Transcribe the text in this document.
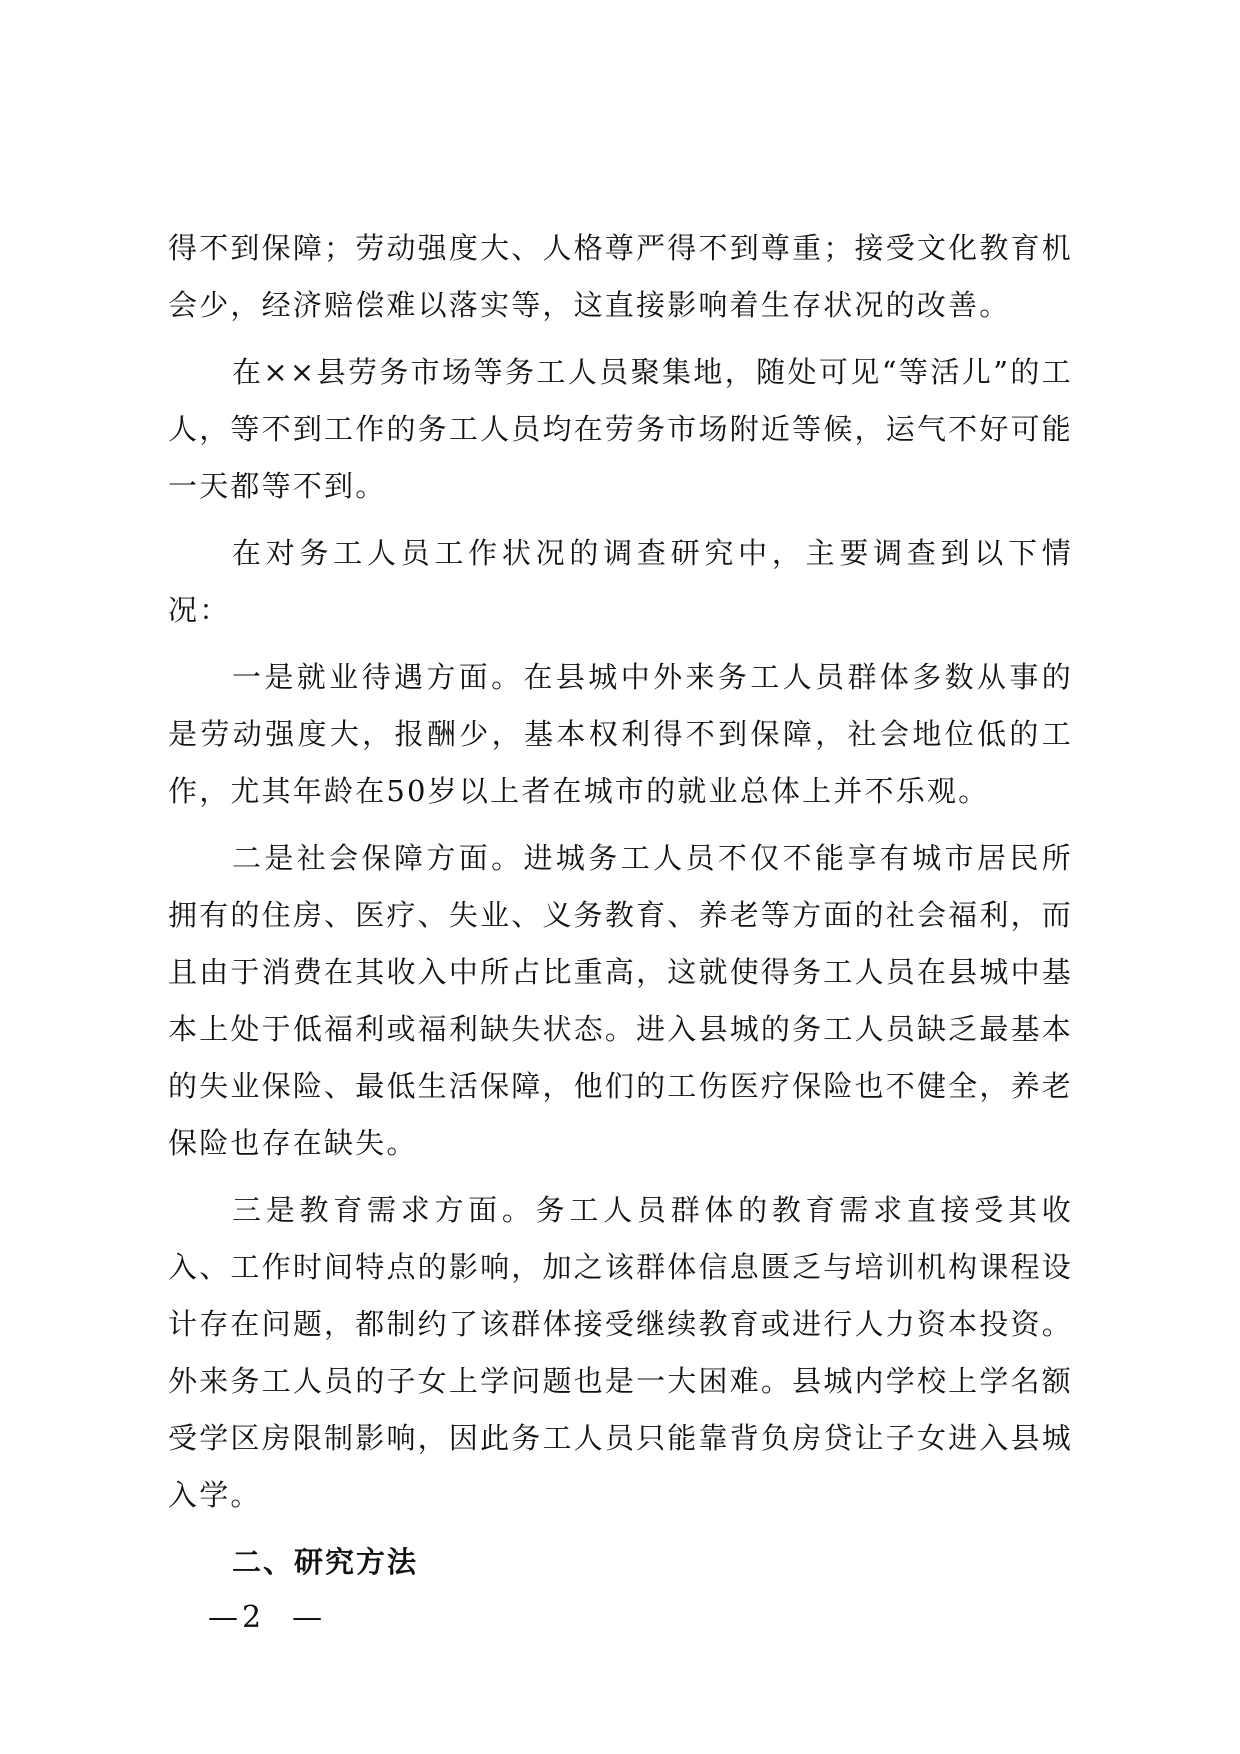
得不到保障；劳动强度大、人格尊严得不到尊重；接受文化教育机会少，经济赔偿难以落实等，这直接影响着生存状况的改善。

在××县劳务市场等务工人员聚集地，随处可见“等活儿”的工人，等不到工作的务工人员均在劳务市场附近等候，运气不好可能一天都等不到。

在对务工人员工作状况的调查研究中，主要调查到以下情况：

一是就业待遇方面。在县城中外来务工人员群体多数从事的是劳动强度大，报酬少，基本权利得不到保障，社会地位低的工作，尤其年龄在50岁以上者在城市的就业总体上并不乐观。

二是社会保障方面。进城务工人员不仅不能享有城市居民所拥有的住房、医疗、失业、义务教育、养老等方面的社会福利，而且由于消费在其收入中所占比重高，这就使得务工人员在县城中基本上处于低福利或福利缺失状态。进入县城的务工人员缺乏最基本的失业保险、最低生活保障，他们的工伤医疗保险也不健全，养老保险也存在缺失。

三是教育需求方面。务工人员群体的教育需求直接受其收入、工作时间特点的影响，加之该群体信息匮乏与培训机构课程设计存在问题，都制约了该群体接受继续教育或进行人力资本投资。外来务工人员的子女上学问题也是一大困难。县城内学校上学名额受学区房限制影响，因此务工人员只能靠背负房贷让子女进入县城入学。

二、研究方法

—2  —
